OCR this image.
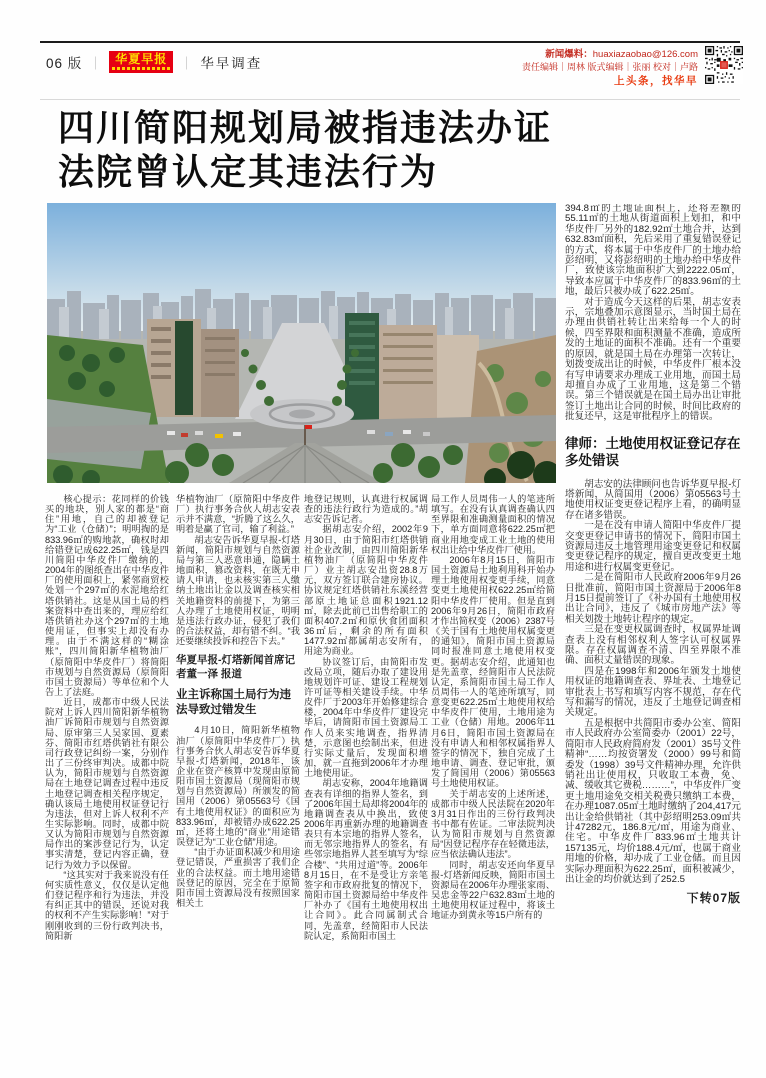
06 版 ｜ 华夏早报 ｜ 华早调查
新闻爆料：huaxiazaobao@126.com
责任编辑｜周林 版式编辑｜张丽 校对｜卢路
上头条，找华早
四川简阳规划局被指违法办证
法院曾认定其违法行为

核心提示：花同样的价钱买的地块，别人家的都是“商住”用地，自己的却被登记为“工业（仓储）”；明明掏的是833.96㎡的购地款，确权时却给错登记成622.25㎡，钱是四川简阳中华皮件厂缴纳的，2004年的图纸查出在中华皮件厂的使用面积上，紧邻商贸校处划一个297㎡的水泥地给红塔供销社。这是从国土局的档案资料中查出来的，理应给红塔供销社办这个297㎡的土地使用证，但事实上却没有办理。由于不满这样的“糊涂账”，四川简阳新华植物油厂（原简阳中华皮件厂）将简阳市规划与自然资源局（原简阳市国土资源局）等单位和个人告上了法庭。

近日，成都市中级人民法院对上诉人四川简阳新华植物油厂诉简阳市规划与自然资源局、原审第三人吴家国、夏素芬、简阳市红塔供销社有限公司行政登记纠纷一案，分别作出了三份终审判决。成都中院认为，简阳市规划与自然资源局在土地登记调查过程中违反土地登记调查相关程序规定，确认该局土地使用权证登记行为违法，但对上诉人权利不产生实际影响。同时，成都中院又认为简阳市规划与自然资源局作出的案涉登记行为，认定事实清楚，登记内容正确，登记行为效力予以保留。

“这其实对于我来说没有任何实质性意义，仅仅是认定他们登记程序和行为违法，并没有纠正其中的错误，还说对我的权利不产生实际影响！”对于刚刚收到的三份行政判决书，简阳新

华植物油厂（原简阳中华皮件厂）执行事务合伙人胡志安表示并不满意，“折腾了这么久，明着是赢了官司，输了利益。”

胡志安告诉华夏早报-灯塔新闻，简阳市规划与自然资源局与第三人恶意串通，隐瞒土地面积，篡改资料，在既无申请人申请，也未核实第三人缴纳土地出让金以及调查核实相关地籍资料的前提下，为第三人办理了土地使用权证，明明是违法行政办证，侵犯了我们的合法权益，却有错不纠。“我还要继续投诉和控告下去。”

华夏早报-灯塔新闻首席记者董一泽 报道

业主诉称国土局行为违法导致过错发生

4月10日，简阳新华植物油厂（原简阳中华皮件厂）执行事务合伙人胡志安告诉华夏早报-灯塔新闻，2018年，该企业在资产核算中发现由原简阳市国土资源局（现简阳市规划与自然资源局）所颁发的简国用（2006）第05563号《国有土地使用权证》的面积应为833.96㎡，却被错办成622.25㎡，还将土地的“商业”用途错误登记为“工业仓储”用途。

“由于办证面积减少和用途登记错误，严重损害了我们企业的合法权益。而土地用途错误登记的原因，完全在于原简阳市国土资源局没有按照国家相关土

地登记规则，认真进行权属调查的违法行政行为造成的。”胡志安告诉记者。

据胡志安介绍，2002年9月30日，由于简阳市红塔供销社企业改制，由四川简阳新华植物油厂（原简阳中华皮件厂）业主胡志安出资28.8万元，双方签订联合建房协议。协议规定红塔供销社东溪经营部原土地证总面积1921.12㎡，除去此前已出售给职工的面积407.2㎡和原伙食团面积36㎡后，剩余的所有面积1477.92㎡都属胡志安所有，用途为商业。

协议签订后，由简阳市发改局立项，随后办取了建设用地规划许可证、建设工程规划许可证等相关建设手续。中华皮件厂于2003年开始修建综合楼，2004年中华皮件厂建设完毕后，请简阳市国土资源局工作人员来实地调查，指界清楚，示意图也绘制出来，但进行实际丈量后，发现面积增加，就一直拖到2006年才办理土地使用证。

胡志安称，2004年地籍调查表有详细的指界人签名，到了2006年国土局却将2004年的地籍调查表从中换出，致使2006年再重新办理的地籍调查表只有本宗地的指界人签名，而无邻宗地指界人的签名，有些邻宗地指界人甚至填写为“综合楼”、“共用过道”等。2006年8月15日，在不是受让方亲笔签字和市政府批复的情况下，简阳市国土资源局给中华皮件厂补办了《国有土地使用权出让合同》。此合同属制式合同，先盖章，经简阳市人民法院认定，系简阳市国土

局工作人员周伟一人的笔迹所填写。在没有认真调查确认四至界限和准确测量面积的情况下，单方面同意将622.25㎡把商业用地变成工业土地的使用权出让给中华皮件厂使用。

2006年8月15日，简阳市国土资源局土地利用科开始办理土地使用权变更手续，同意变更土地使用权622.25㎡给简阳中华皮件厂使用。但是直到2006年9月26日，简阳市政府才作出简权变（2006）2387号《关于国有土地使用权属变更的通知》，简阳市国土资源局同时报准同意土地使用权变更。据胡志安介绍，此通知也是先盖章，经简阳市人民法院认定，系简阳市国土局工作人员周伟一人的笔迹所填写，同意变更622.25㎡土地使用权给中华皮件厂使用，土地用途为工业（仓储）用地。2006年11月6日，简阳市国土资源局在没有申请人和相邻权属指界人签字的情况下，独自完成了土地申请、调查、登记审批，颁发了简国用（2006）第05563号土地使用权证。

关于胡志安的上述所述，成都市中级人民法院在2020年3月31日作出的三份行政判决书中都有佐证。二审法院判决认为简阳市规划与自然资源局“因登记程序存在轻微违法，应当依法确认违法”。

同时，胡志安还向华夏早报-灯塔新闻反映，简阳市国土资源局在2006年办理张家雨、吴忠金等22户632.83㎡土地的土地使用权证过程中，将该土地证办到黄永等15户所有的

394.8㎡的土地证面积上，还将差额的55.11㎡的土地从街道面积上划扣，和中华皮件厂另外的182.92㎡土地合并，达到632.83㎡面积，先后采用了重复错误登记的方式，将本属于中华皮件厂的土地办给彭绍明，又将彭绍明的土地办给中华皮件厂，致使该宗地面积扩大到2222.05㎡，导致本应属于中华皮件厂的833.96㎡的土地，最后只被办成了622.25㎡。

对于造成今天这样的后果，胡志安表示，宗地叠加示意图显示，当时国土局在办理由供销社转让出来给每一个人的时候，四至界限和面积测量不准确，造成所发的土地证的面积不准确。还有一个重要的原因，就是国土局在办理第一次转让，划拨变成出让的时候，中华皮件厂根本没有写申请要求办理成工业用地，而国土局却擅自办成了工业用地，这是第二个错误。第三个错误就是在国土局办出让审批签订土地出让合同的时候，时间比政府的批复还早，这是审批程序上的错误。

律师：土地使用权证登记存在多处错误

胡志安的法律顾问也告诉华夏早报-灯塔新闻，从简国用（2006）第05563号土地使用权证变更登记程序上看，的确明显存在诸多错误。

一是在没有申请人简阳中华皮件厂提交变更登记申请书的情况下，简阳市国土资源局违反土地管理用途变更登记和权属变更登记程序的规定，擅自更改变更土地用途和进行权属变更登记。

二是在简阳市人民政府2006年9月26日批准前，简阳市国土资源局于2006年8月15日提前签订了《补办国有土地使用权出让合同》，违反了《城市房地产法》等相关划拨土地转让程序的规定。

三是在变更权属调查时，权属界址调查表上没有相邻权利人签字认可权属界限。存在权属调查不清、四至界限不准确、面积丈量错误的现象。

四是在1998年和2006年颁发土地使用权证的地籍调查表、界址表、土地登记审批表上书写和填写内容不规范，存在代写和漏写的情况，违反了土地登记调查相关规定。

五是根据中共简阳市委办公室、简阳市人民政府办公室简委办（2001）22号，简阳市人民政府简府发（2001）35号文件精神“……均按资署发（2000）99号和简委发（1998）39号文件精神办理，允许供销社出让使用权，只收取工本费，免、减、缓收其它费税………”，中华皮件厂变更土地用途免交相关税费只缴纳工本费，在办理1087.05㎡土地时缴纳了204,417元出让金给供销社（其中彭绍明253.09㎡共计47282元，186.8元/㎡，用途为商业、住宅。中华皮件厂833.96㎡土地共计157135元，均价188.4元/㎡，也属于商业用地的价格，却办成了工业仓储。而且因实际办理面积为622.25㎡，面积被减少，出让金的均价就达到了252.5

下转07版
